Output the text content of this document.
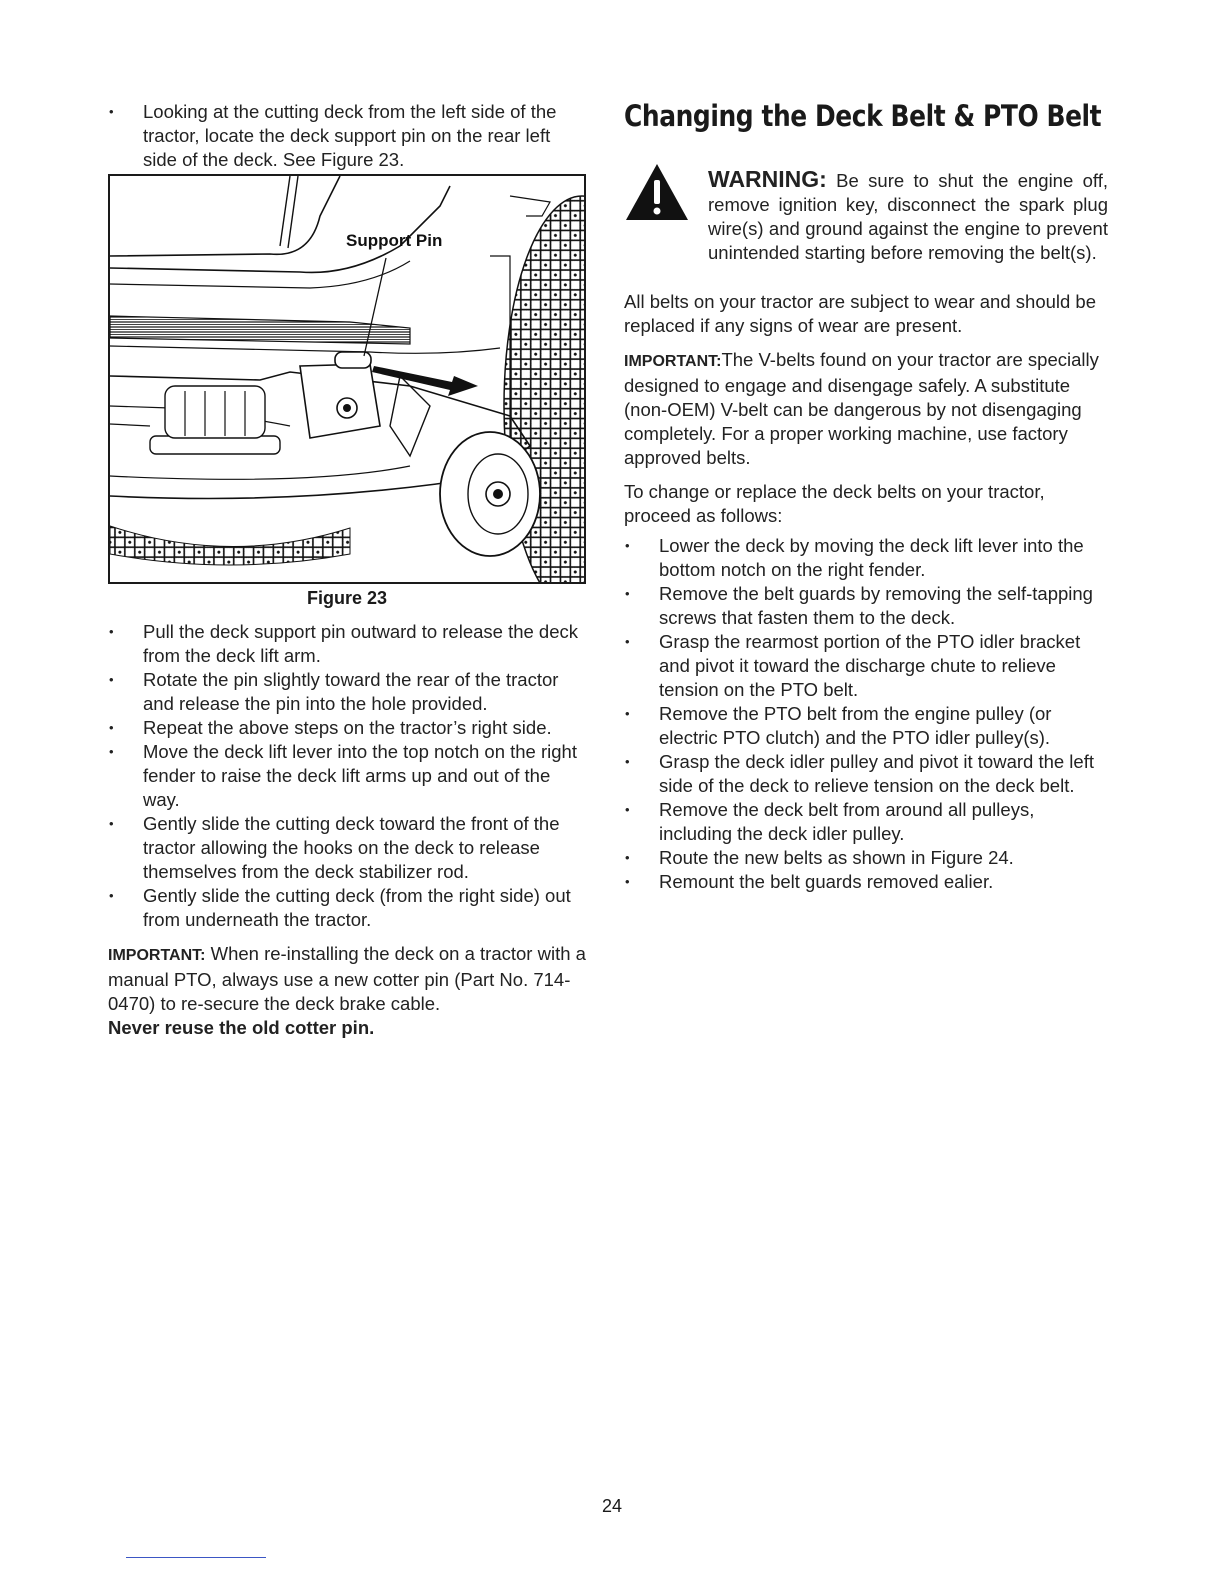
• Looking at the cutting deck from the left side of the tractor, locate the deck support pin on the rear left side of the deck. See Figure 23.
Support Pin
Figure 23
• Pull the deck support pin outward to release the deck from the deck lift arm.
• Rotate the pin slightly toward the rear of the tractor and release the pin into the hole provided.
• Repeat the above steps on the tractor’s right side.
• Move the deck lift lever into the top notch on the right fender to raise the deck lift arms up and out of the way.
• Gently slide the cutting deck toward the front of the tractor allowing the hooks on the deck to release themselves from the deck stabilizer rod.
• Gently slide the cutting deck (from the right side) out from underneath the tractor.

IMPORTANT: When re-installing the deck on a tractor with a manual PTO, always use a new cotter pin (Part No. 714-0470) to re-secure the deck brake cable.
Never reuse the old cotter pin.

Changing the Deck Belt & PTO Belt

WARNING: Be sure to shut the engine off, remove ignition key, disconnect the spark plug wire(s) and ground against the engine to prevent unintended starting before removing the belt(s).

All belts on your tractor are subject to wear and should be replaced if any signs of wear are present.

IMPORTANT:The V-belts found on your tractor are specially designed to engage and disengage safely. A substitute (non-OEM) V-belt can be dangerous by not disengaging completely. For a proper working machine, use factory approved belts.

To change or replace the deck belts on your tractor, proceed as follows:

• Lower the deck by moving the deck lift lever into the bottom notch on the right fender.
• Remove the belt guards by removing the self-tapping screws that fasten them to the deck.
• Grasp the rearmost portion of the PTO idler bracket and pivot it toward the discharge chute to relieve tension on the PTO belt.
• Remove the PTO belt from the engine pulley (or electric PTO clutch) and the PTO idler pulley(s).
• Grasp the deck idler pulley and pivot it toward the left side of the deck to relieve tension on the deck belt.
• Remove the deck belt from around all pulleys, including the deck idler pulley.
• Route the new belts as shown in Figure 24.
• Remount the belt guards removed ealier.
24
